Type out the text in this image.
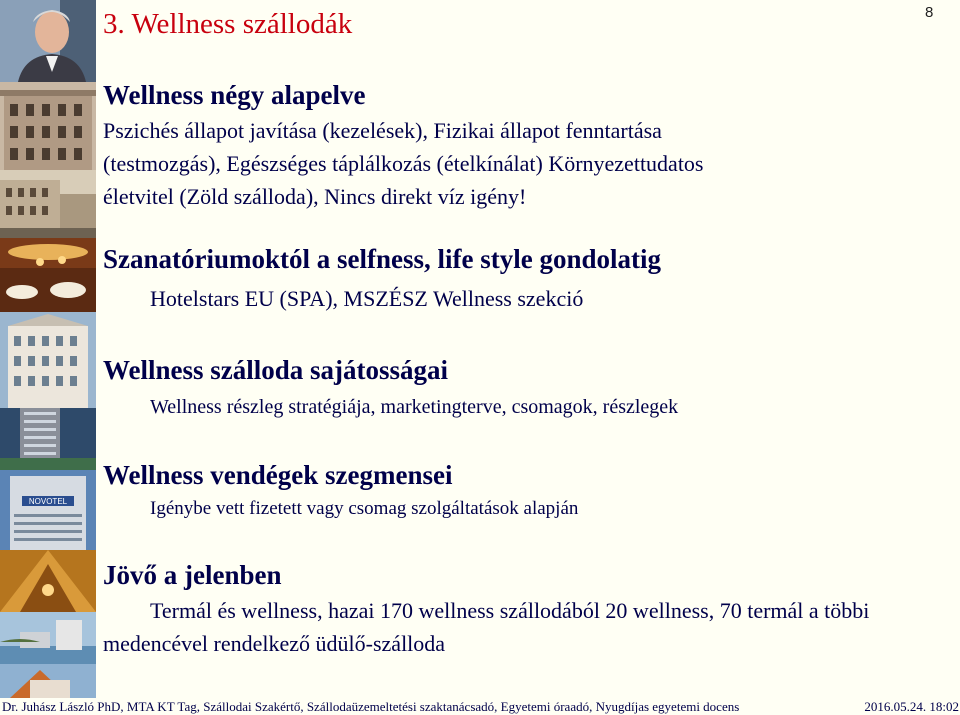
NOVOTEL
3. Wellness szállodák	8
Wellness négy alapelve

Pszichés állapot javítása (kezelések), Fizikai állapot fenntartása (testmozgás), Egészséges táplálkozás (ételkínálat) Környezettudatos életvitel (Zöld szálloda), Nincs direkt víz igény!

Szanatóriumoktól a selfness, life style gondolatig

Hotelstars EU (SPA), MSZÉSZ Wellness szekció

Wellness szálloda sajátosságai

Wellness részleg stratégiája, marketingterve, csomagok, részlegek

Wellness vendégek szegmensei

Igénybe vett fizetett vagy csomag szolgáltatások alapján

Jövő a jelenben

Termál és wellness, hazai 170 wellness szállodából 20 wellness, 70 termál a többi medencével rendelkező üdülő-szálloda

Dr. Juhász László PhD, MTA KT Tag, Szállodai Szakértő, Szállodaüzemeltetési szaktanácsadó, Egyetemi óraadó, Nyugdíjas egyetemi docens	2016.05.24. 18:02
